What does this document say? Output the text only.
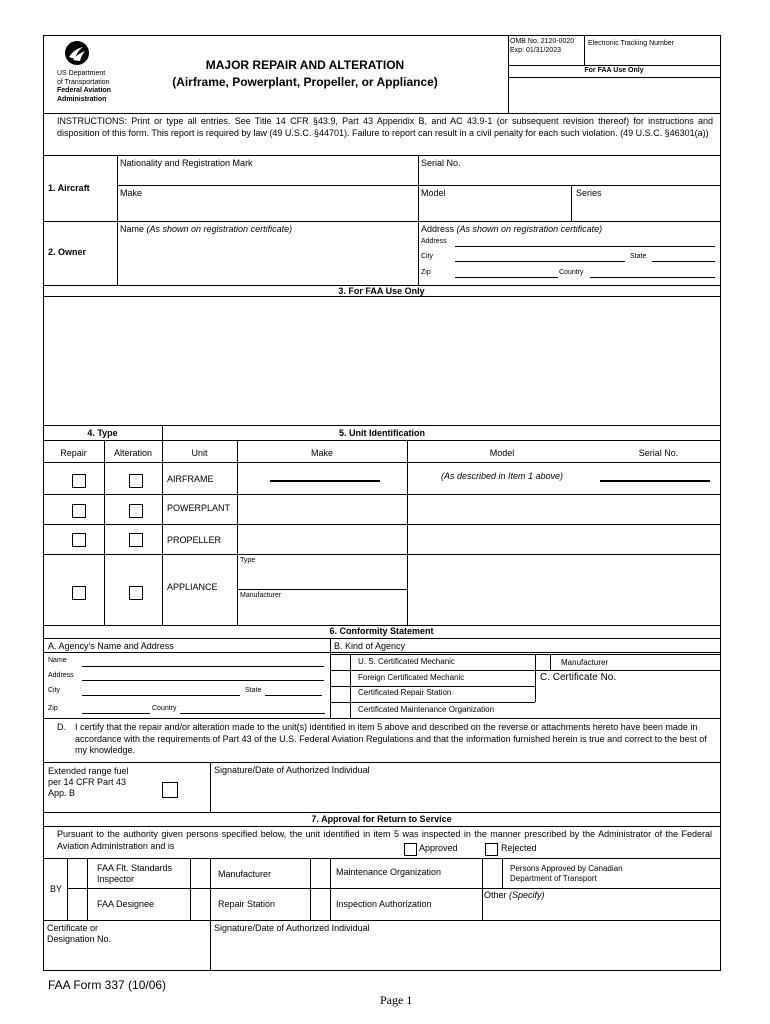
US Department
of Transportation
Federal Aviation
Administration
MAJOR REPAIR AND ALTERATION
(Airframe, Powerplant, Propeller, or Appliance)
OMB No. 2120-0020
Exp: 01/31/2023
Electronic Tracking Number
For FAA Use Only
INSTRUCTIONS: Print or type all entries. See Title 14 CFR §43.9, Part 43 Appendix B, and AC 43.9-1 (or subsequent revision thereof) for instructions and disposition of this form. This report is required by law (49 U.S.C. §44701). Failure to report can result in a civil penalty for each such violation. (49 U.S.C. §46301(a))
1. Aircraft
Nationality and Registration Mark	Serial No.
Make	Model	Series
2. Owner
Name (As shown on registration certificate)	Address (As shown on registration certificate)
Address
City	State
Zip	Country
3. For FAA Use Only
4. Type	5. Unit Identification
Repair	Alteration	Unit	Make	Model	Serial No.
AIRFRAME	(As described in Item 1 above)
POWERPLANT
PROPELLER
APPLIANCE
Type
Manufacturer
6. Conformity Statement
A. Agency's Name and Address	B. Kind of Agency
Name
Address
City	State
Zip	Country
U. S. Certificated Mechanic
Foreign Certificated Mechanic
Certificated Repair Station
Certificated Maintenance Organization
Manufacturer
C. Certificate No.
D. I certify that the repair and/or alteration made to the unit(s) identified in item 5 above and described on the reverse or attachments hereto have been made in accordance with the requirements of Part 43 of the U.S. Federal Aviation Regulations and that the information furnished herein is true and correct to the best of my knowledge.
Extended range fuel
per 14 CFR Part 43
App. B
Signature/Date of Authorized Individual
7. Approval for Return to Service
Pursuant to the authority given persons specified below, the unit identified in item 5 was inspected in the manner prescribed by the Administrator of the Federal Aviation Administration and is	Approved	Rejected
BY
FAA Flt. Standards
Inspector	Manufacturer	Maintenance Organization	Persons Approved by Canadian
Department of Transport
FAA Designee	Repair Station	Inspection Authorization
Other (Specify)
Certificate or
Designation No.
Signature/Date of Authorized Individual
FAA Form 337 (10/06)
Page 1
